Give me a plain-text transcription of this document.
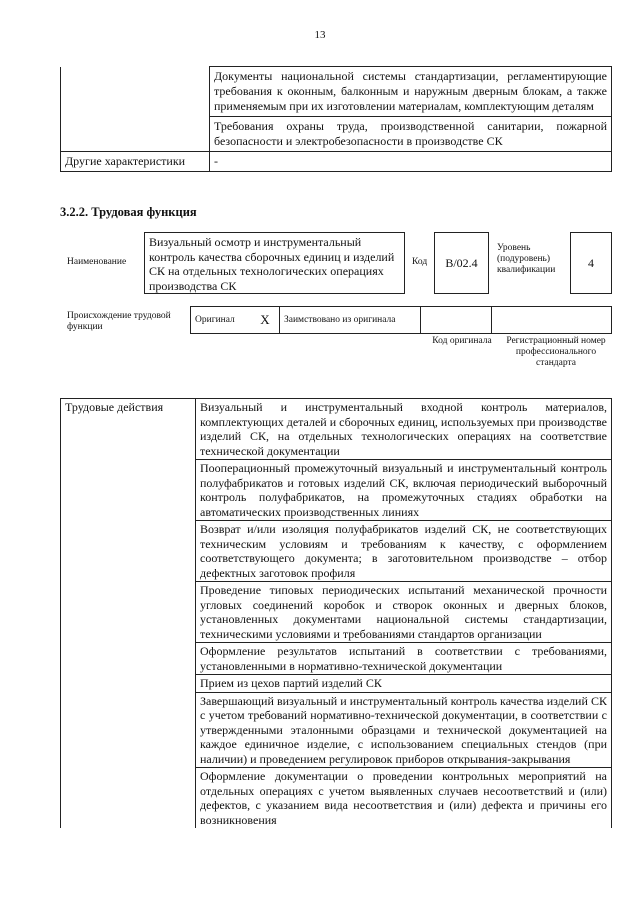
13
	Документы национальной системы стандартизации, регламентирующие требования к оконным, балконным и наружным дверным блокам, а также применяемым при их изготовлении материалам, комплектующим деталям
	Требования охраны труда, производственной санитарии, пожарной безопасности и электробезопасности в производстве СК
Другие характеристики	-
3.2.2. Трудовая функция
Наименование
Визуальный осмотр и инструментальный контроль качества сборочных единиц и изделий СК на отдельных технологических операциях производства СК
Код	B/02.4
Уровень (подуровень) квалификации
4
Происхождение трудовой функции
Оригинал	X	Заимствовано из оригинала		
Код оригинала	Регистрационный номер профессионального стандарта
Трудовые действия	Визуальный и инструментальный входной контроль материалов, комплектующих деталей и сборочных единиц, используемых при производстве изделий СК, на отдельных технологических операциях на соответствие технической документации
Пооперационный промежуточный визуальный и инструментальный контроль полуфабрикатов и готовых изделий СК, включая периодический выборочный контроль полуфабрикатов, на промежуточных стадиях обработки на автоматических производственных линиях
Возврат и/или изоляция полуфабрикатов изделий СК, не соответствующих техническим условиям и требованиям к качеству, с оформлением соответствующего документа; в заготовительном производстве – отбор дефектных заготовок профиля
Проведение типовых периодических испытаний механической прочности угловых соединений коробок и створок оконных и дверных блоков, установленных документами национальной системы стандартизации, техническими условиями и требованиями стандартов организации
Оформление результатов испытаний в соответствии с требованиями, установленными в нормативно-технической документации
Прием из цехов партий изделий СК
Завершающий визуальный и инструментальный контроль качества изделий СК с учетом требований нормативно-технической документации, в соответствии с утвержденными эталонными образцами и технической документацией на каждое единичное изделие, с использованием специальных стендов (при наличии) и проведением регулировок приборов открывания-закрывания
Оформление документации о проведении контрольных мероприятий на отдельных операциях с учетом выявленных случаев несоответствий и (или) дефектов, с указанием вида несоответствия и (или) дефекта и причины его возникновения
